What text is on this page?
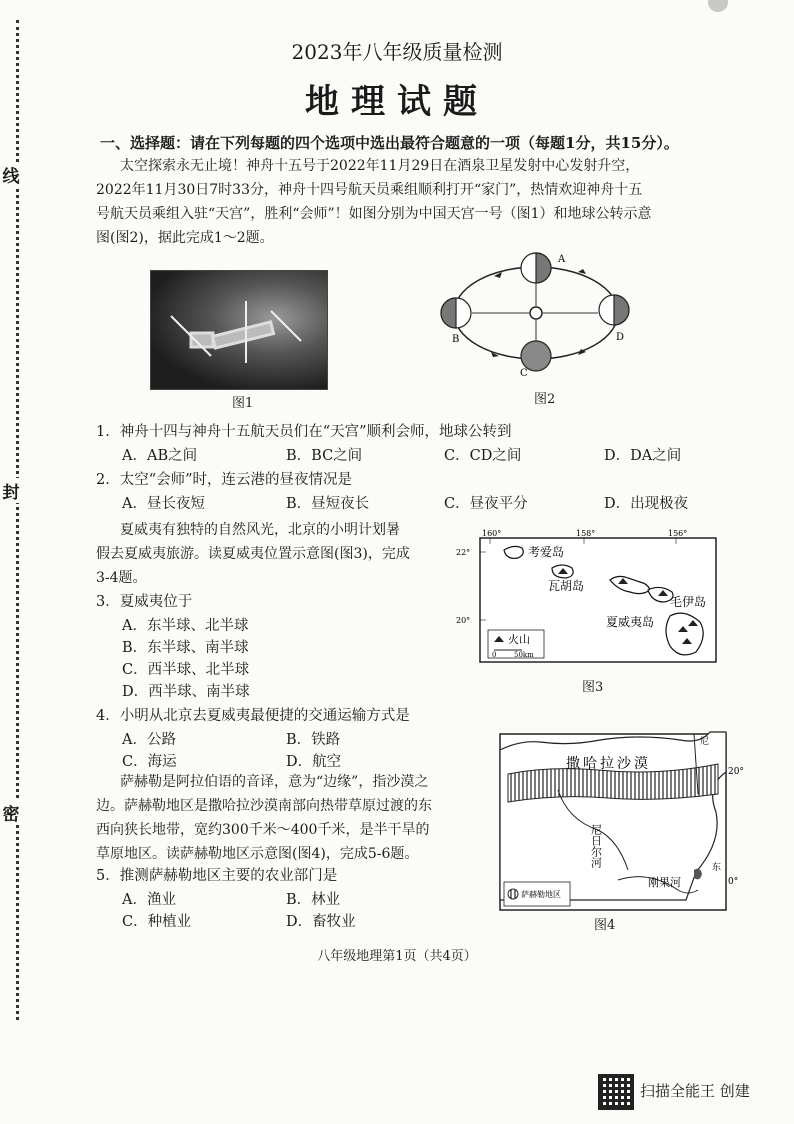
线
封
密
2023年八年级质量检测
地理试题
一、选择题：请在下列每题的四个选项中选出最符合题意的一项（每题1分，共15分）。
太空探索永无止境！神舟十五号于2022年11月29日在酒泉卫星发射中心发射升空，
2022年11月30日7时33分，神舟十四号航天员乘组顺利打开“家门”，热情欢迎神舟十五
号航天员乘组入驻“天宫”，胜利“会师”！如图分别为中国天宫一号（图1）和地球公转示意
图(图2)，据此完成1～2题。
图1
A
B
C
D
图2
1．神舟十四与神舟十五航天员们在“天宫”顺利会师，地球公转到
A．AB之间	B．BC之间	C．CD之间	D．DA之间
2．太空“会师”时，连云港的昼夜情况是
A．昼长夜短	B．昼短夜长	C．昼夜平分	D．出现极夜
夏威夷有独特的自然风光，北京的小明计划暑
假去夏威夷旅游。读夏威夷位置示意图(图3)，完成
3-4题。
3．夏威夷位于
A．东半球、北半球
B．东半球、南半球
C．西半球、北半球
D．西半球、南半球
160°	158°	156°
22°
20°
考爱岛
瓦胡岛
毛伊岛
夏威夷岛
火山
0	50km
图3
4．小明从北京去夏威夷最便捷的交通运输方式是
A．公路	B．铁路
C．海运	D．航空
萨赫勒是阿拉伯语的音译，意为“边缘”，指沙漠之
边。萨赫勒地区是撒哈拉沙漠南部向热带草原过渡的东
西向狭长地带，宽约300千米～400千米，是半干旱的
草原地区。读萨赫勒地区示意图(图4)，完成5-6题。
5．推测萨赫勒地区主要的农业部门是
A．渔业	B．林业
C．种植业	D．畜牧业
撒哈拉沙漠
尼日尔河
刚果河
尼
东
20°
0°
萨赫勒地区
图4
八年级地理第1页（共4页）
扫描全能王 创建
